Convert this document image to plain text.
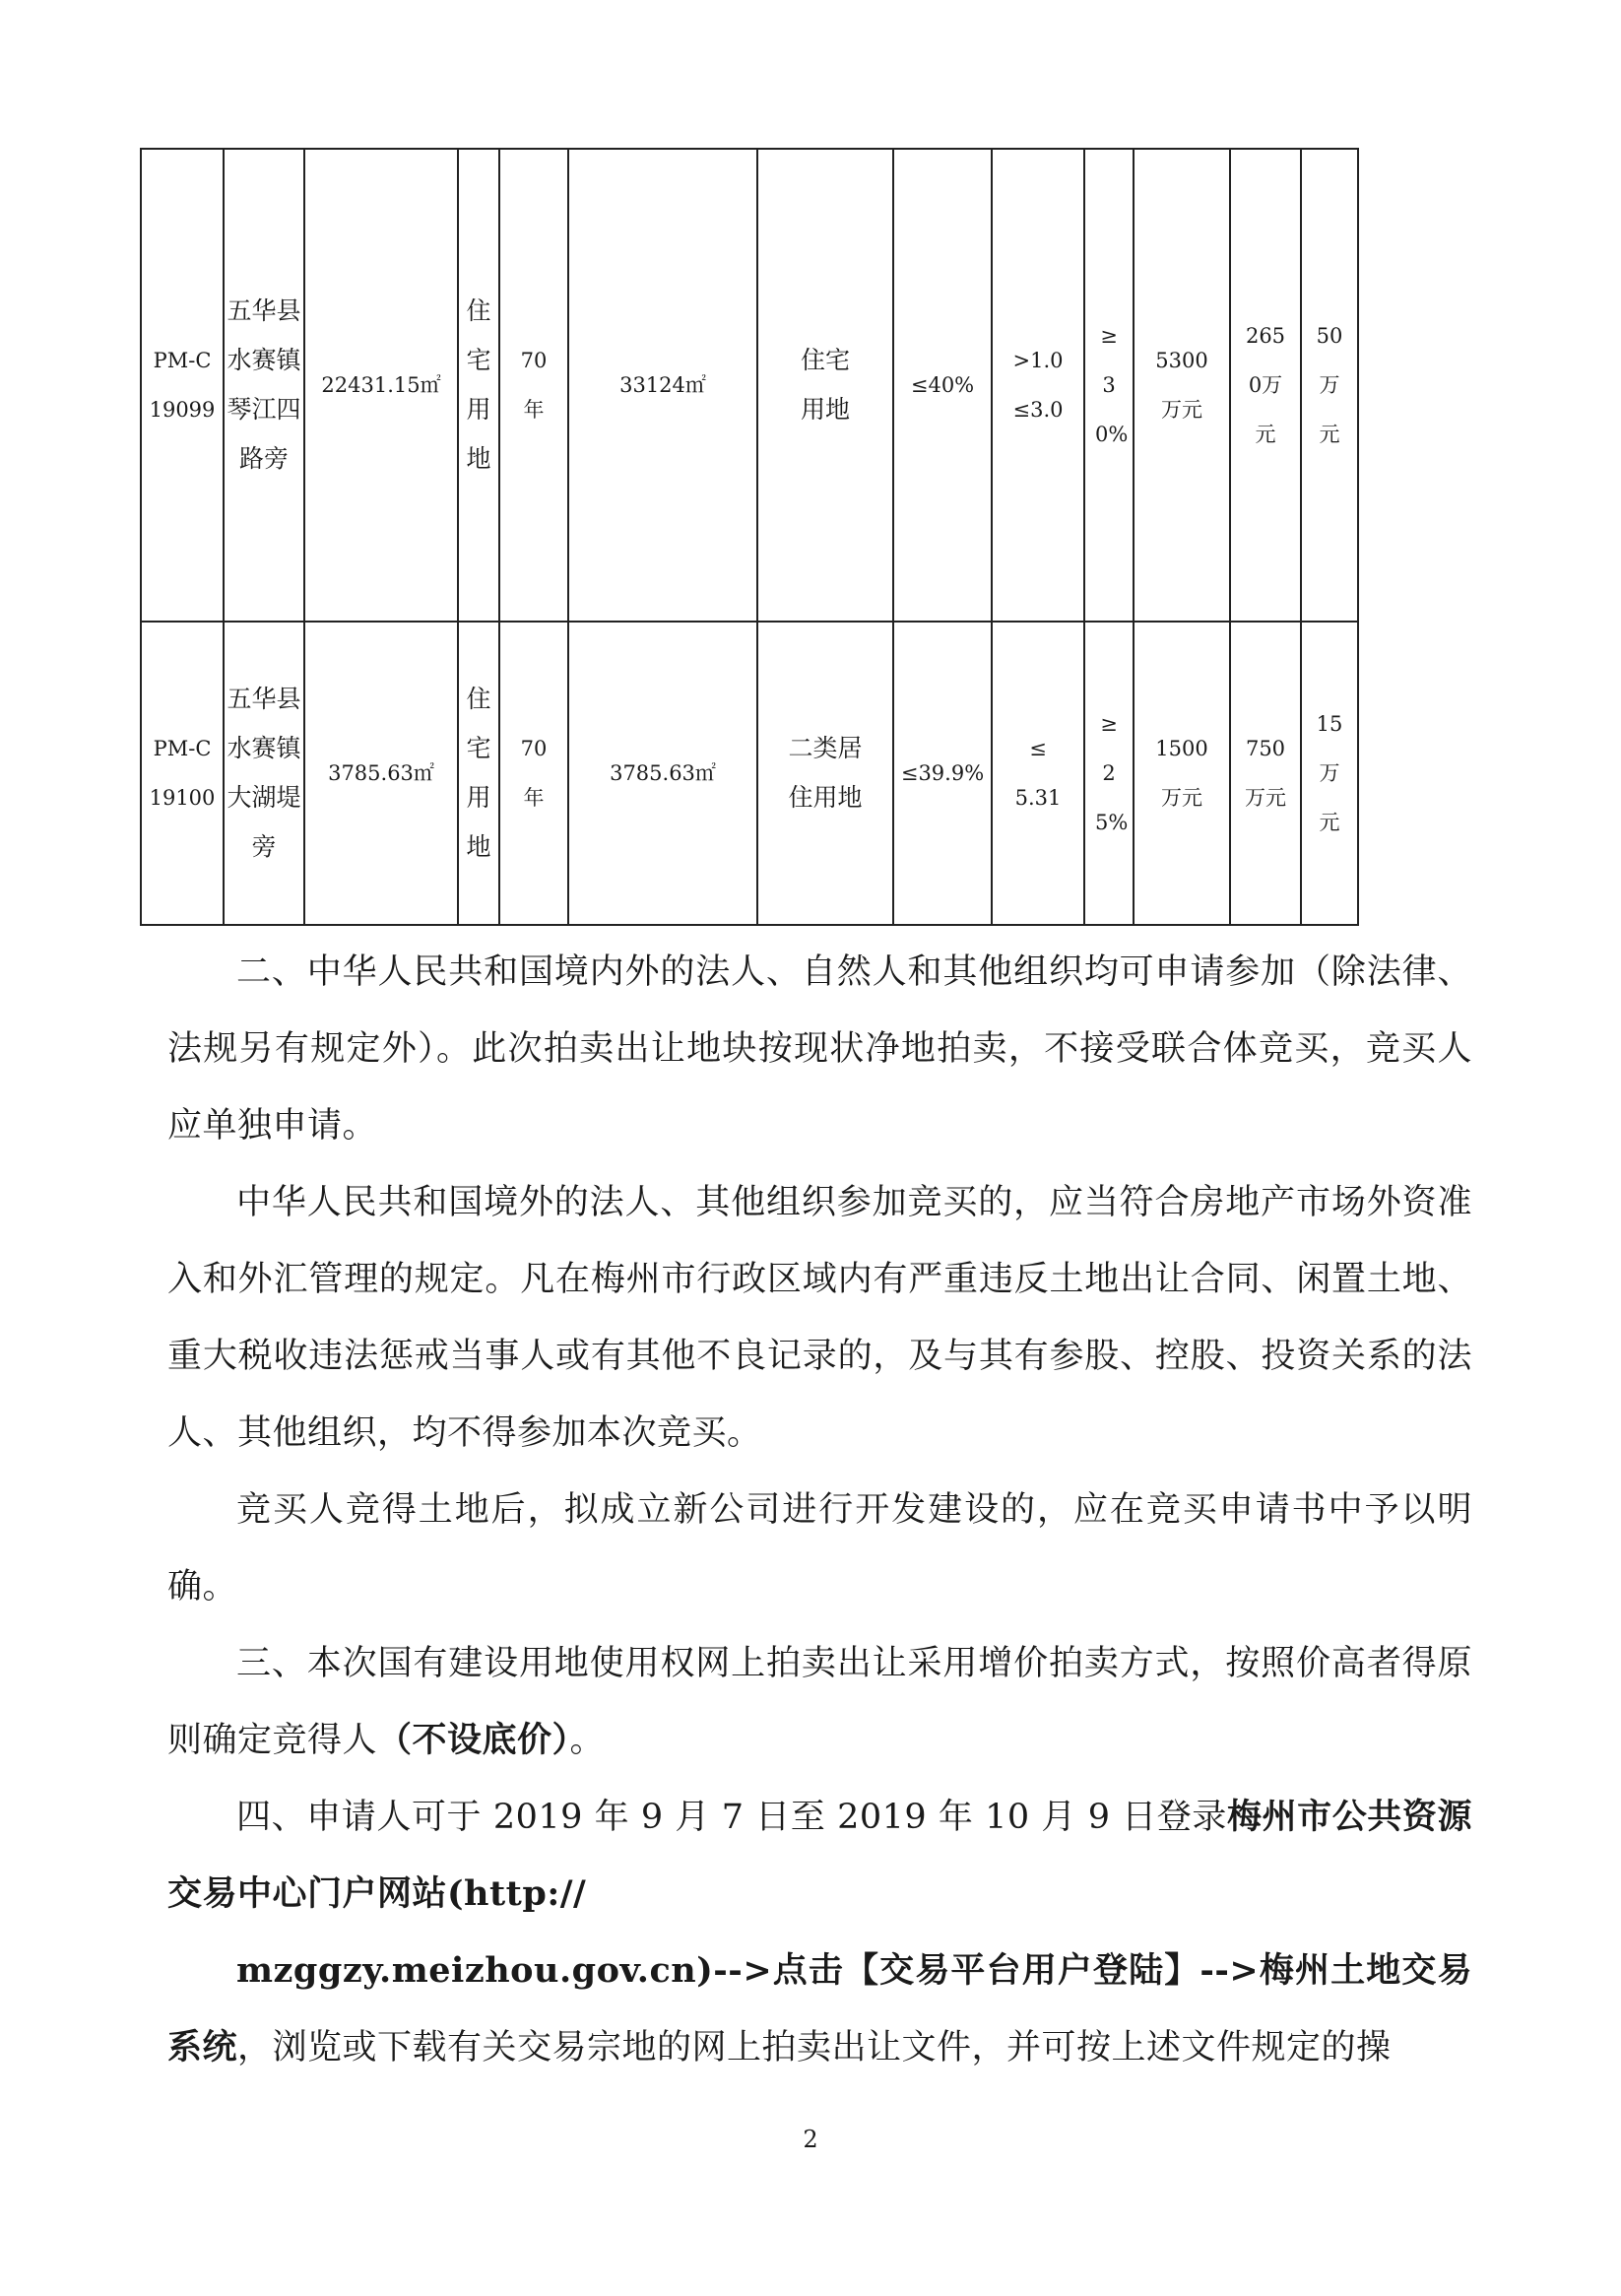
PM-C19099	五华县水赛镇琴江四路旁	22431.15㎡	住宅用地	70年	33124㎡	住宅用地	≤40%	>1.0 ≤3.0	≥30%	5300万元	2650万元	50万元
PM-C19100	五华县水赛镇大湖堤旁	3785.63㎡	住宅用地	70年	3785.63㎡	二类居住用地	≤39.9%	≤ 5.31	≥25%	1500万元	750万元	15万元

二、中华人民共和国境内外的法人、自然人和其他组织均可申请参加（除法律、法规另有规定外）。此次拍卖出让地块按现状净地拍卖，不接受联合体竞买，竞买人应单独申请。

中华人民共和国境外的法人、其他组织参加竞买的，应当符合房地产市场外资准入和外汇管理的规定。凡在梅州市行政区域内有严重违反土地出让合同、闲置土地、重大税收违法惩戒当事人或有其他不良记录的，及与其有参股、控股、投资关系的法人、其他组织，均不得参加本次竞买。

竞买人竞得土地后，拟成立新公司进行开发建设的，应在竞买申请书中予以明确。

三、本次国有建设用地使用权网上拍卖出让采用增价拍卖方式，按照价高者得原则确定竞得人（不设底价）。

四、申请人可于 2019 年 9 月 7 日至 2019 年 10 月 9 日登录梅州市公共资源交易中心门户网站(http://

mzggzy.meizhou.gov.cn)-->点击【交易平台用户登陆】-->梅州土地交易系统，浏览或下载有关交易宗地的网上拍卖出让文件，并可按上述文件规定的操

2
